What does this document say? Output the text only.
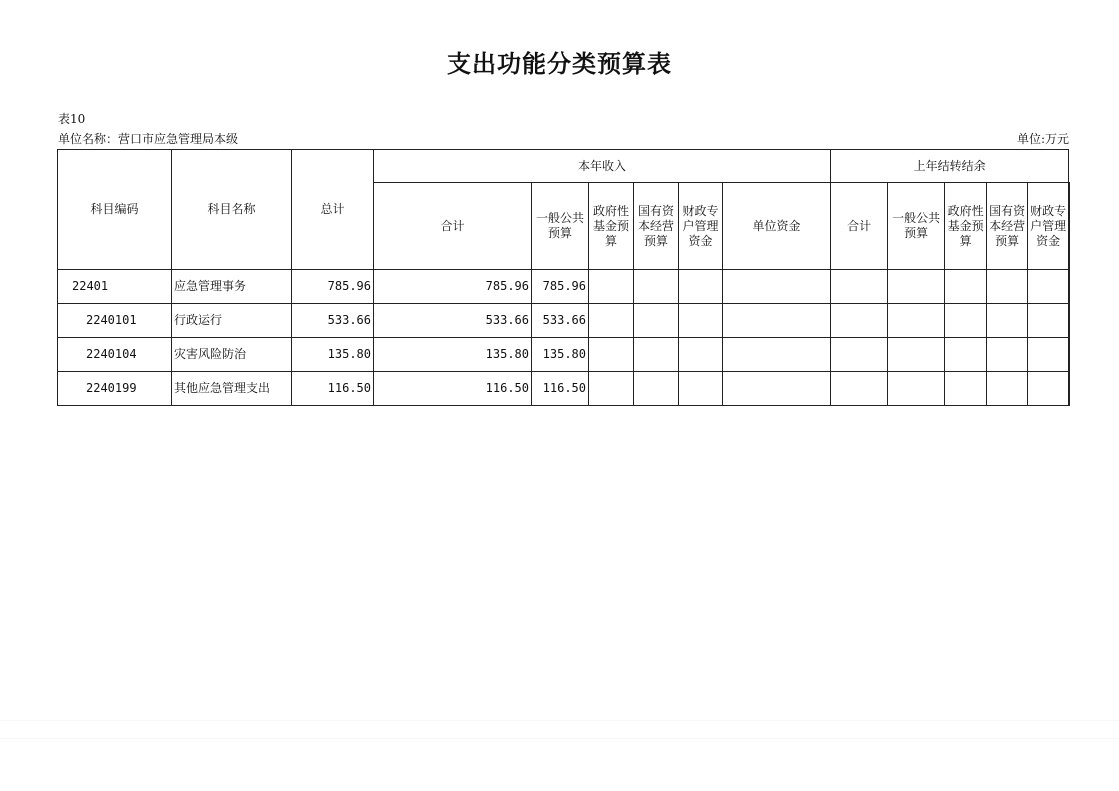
支出功能分类预算表
表10
单位名称：营口市应急管理局本级	单位:万元
科目编码	科目名称	总计	本年收入						上年结转结余					
			合计	一般公共预算	政府性基金预算	国有资本经营预算	财政专户管理资金	单位资金	合计	一般公共预算	政府性基金预算	国有资本经营预算	财政专户管理资金	
22401	应急管理事务	785.96	785.96	785.96										
2240101	行政运行	533.66	533.66	533.66										
2240104	灾害风险防治	135.80	135.80	135.80										
2240199	其他应急管理支出	116.50	116.50	116.50										
